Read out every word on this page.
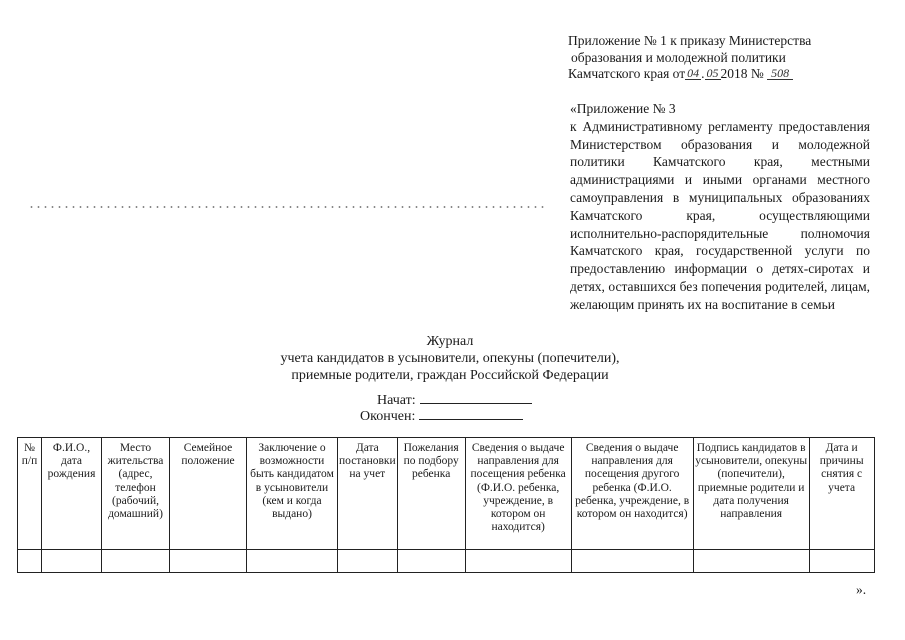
Приложение № 1 к приказу Министерства
образования и молодежной политики
Камчатского края от 04 . 05 2018 № 508
«Приложение № 3
к Административному регламенту предоставления Министерством образования и молодежной политики Камчатского края, местными администрациями и иными органами местного самоуправления в муниципальных образованиях Камчатского края, осуществляющими исполнительно-распорядительные полномочия Камчатского края, государственной услуги по предоставлению информации о детях-сиротах и детях, оставшихся без попечения родителей, лицам, желающим принять их на воспитание в семьи
Журнал
учета кандидатов в усыновители, опекуны (попечители),
приемные родители, граждан Российской Федерации
Начат:
Окончен:
№ п/п	Ф.И.О., дата рождения	Место жительства (адрес, телефон (рабочий, домашний)	Семейное положение	Заключение о возможности быть кандидатом в усыновители (кем и когда выдано)	Дата постановки на учет	Пожелания по подбору ребенка	Сведения о выдаче направления для посещения ребенка (Ф.И.О. ребенка, учреждение, в котором он находится)	Сведения о выдаче направления для посещения другого ребенка (Ф.И.О. ребенка, учреждение, в котором он находится)	Подпись кандидатов в усыновители, опекуны (попечители), приемные родители и дата получения направления	Дата и причины снятия с учета

».
